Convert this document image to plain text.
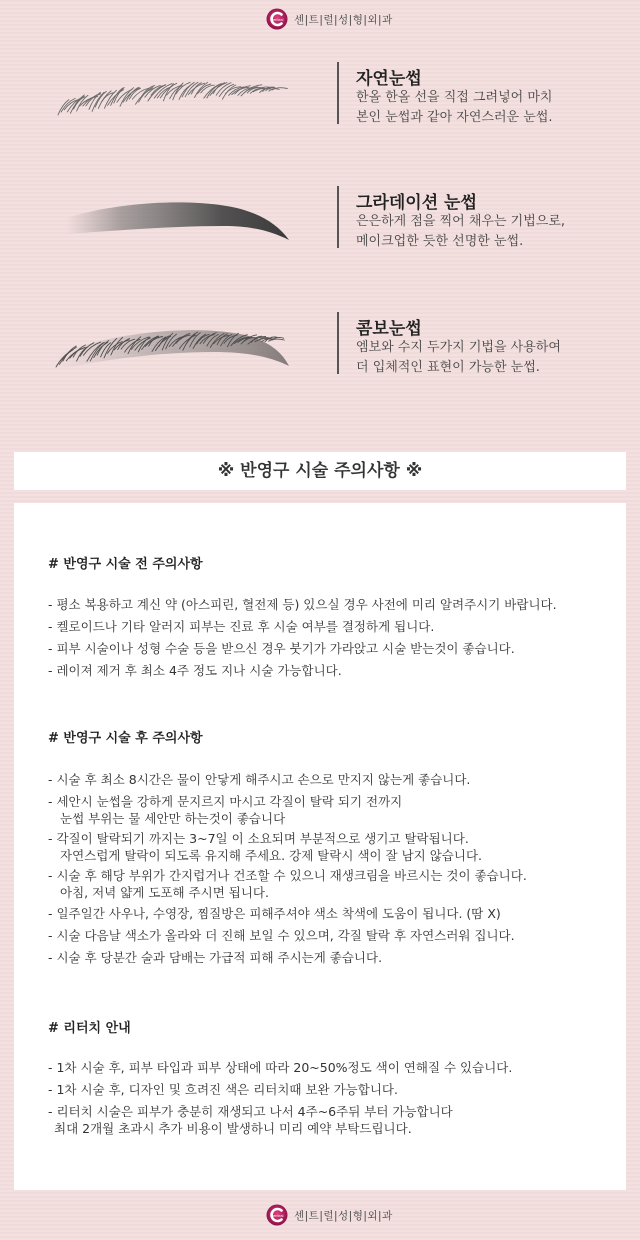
Central 센|트|럴|성|형|외|과
자연눈썹
한올 한올 선을 직접 그려넣어 마치
본인 눈썹과 같아 자연스러운 눈썹.
그라데이션 눈썹
은은하게 점을 찍어 채우는 기법으로,
메이크업한 듯한 선명한 눈썹.
콤보눈썹
엠보와 수지 두가지 기법을 사용하여
더 입체적인 표현이 가능한 눈썹.
※ 반영구 시술 주의사항 ※
# 반영구 시술 전 주의사항
- 평소 복용하고 계신 약 (아스피린, 혈전제 등) 있으실 경우 사전에 미리 알려주시기 바랍니다.
- 켈로이드나 기타 알러지 피부는 진료 후 시술 여부를 결정하게 됩니다.
- 피부 시술이나 성형 수술 등을 받으신 경우 붓기가 가라앉고 시술 받는것이 좋습니다.
- 레이져 제거 후 최소 4주 정도 지나 시술 가능합니다.
# 반영구 시술 후 주의사항
- 시술 후 최소 8시간은 물이 안닿게 해주시고 손으로 만지지 않는게 좋습니다.
- 세안시 눈썹을 강하게 문지르지 마시고 각질이 탈락 되기 전까지
눈썹 부위는 물 세안만 하는것이 좋습니다
- 각질이 탈락되기 까지는 3~7일 이 소요되며 부분적으로 생기고 탈락됩니다.
자연스럽게 탈락이 되도록 유지해 주세요. 강제 탈락시 색이 잘 남지 않습니다.
- 시술 후 해당 부위가 간지럽거나 건조할 수 있으니 재생크림을 바르시는 것이 좋습니다.
아침, 저녁 얇게 도포해 주시면 됩니다.
- 일주일간 사우나, 수영장, 찜질방은 피해주셔야 색소 착색에 도움이 됩니다. (땀 X)
- 시술 다음날 색소가 올라와 더 진해 보일 수 있으며, 각질 탈락 후 자연스러워 집니다.
- 시술 후 당분간 술과 담배는 가급적 피해 주시는게 좋습니다.
# 리터치 안내
- 1차 시술 후, 피부 타입과 피부 상태에 따라 20~50%정도 색이 연해질 수 있습니다.
- 1차 시술 후, 디자인 및 흐려진 색은 리터치때 보완 가능합니다.
- 리터치 시술은 피부가 충분히 재생되고 나서 4주~6주뒤 부터 가능합니다
최대 2개월 초과시 추가 비용이 발생하니 미리 예약 부탁드립니다.
Central 센|트|럴|성|형|외|과
